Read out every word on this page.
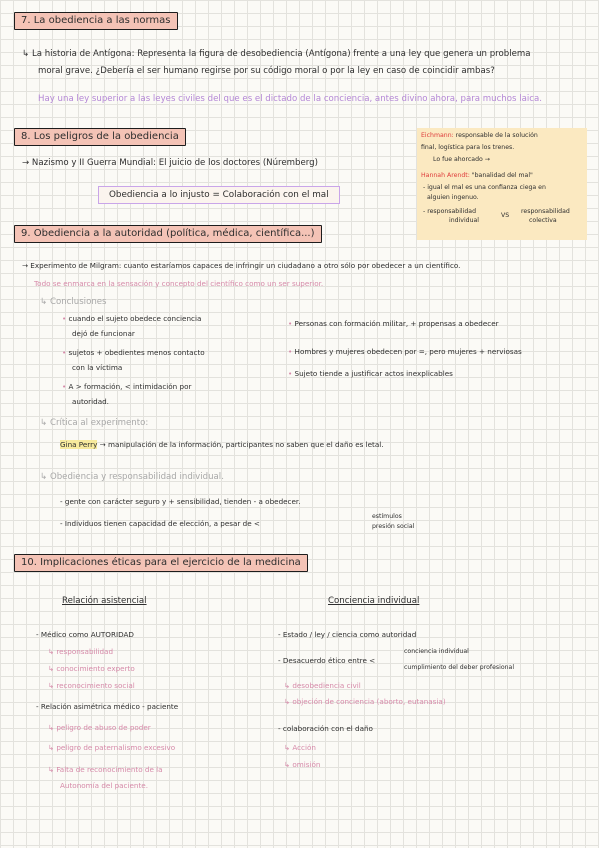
7. La obediencia a las normas
↳ La historia de Antígona: Representa la figura de desobediencia (Antígona) frente a una ley que genera un problema
moral grave. ¿Debería el ser humano regirse por su código moral o por la ley en caso de coincidir ambas?
Hay una ley superior a las leyes civiles del que es el dictado de la conciencia, antes divino ahora, para muchos laica.
8. Los peligros de la obediencia
→ Nazismo y II Guerra Mundial: El juicio de los doctores (Núremberg)
Obediencia a lo injusto = Colaboración con el mal
Eichmann: responsable de la solución
final, logística para los trenes.
Lo fue ahorcado →
Hannah Arendt: "banalidad del mal"
- igual el mal es una confianza ciega en
alguien ingenuo.
- responsabilidad
individual
VS
responsabilidad
colectiva
9. Obediencia a la autoridad (política, médica, científica...)
→ Experimento de Milgram: cuanto estaríamos capaces de infringir un ciudadano a otro sólo por obedecer a un científico.
Todo se enmarca en la sensación y concepto del científico como un ser superior.
↳ Conclusiones
• cuando el sujeto obedece conciencia
dejó de funcionar
• sujetos + obedientes menos contacto
con la víctima
• A > formación, < intimidación por
autoridad.
• Personas con formación militar, + propensas a obedecer
• Hombres y mujeres obedecen por =, pero mujeres + nerviosas
• Sujeto tiende a justificar actos inexplicables
↳ Crítica al experimento:
Gina Perry → manipulación de la información, participantes no saben que el daño es letal.
↳ Obediencia y responsabilidad individual.
- gente con carácter seguro y + sensibilidad, tienden - a obedecer.
- Individuos tienen capacidad de elección, a pesar de <
estímulos
presión social
10. Implicaciones éticas para el ejercicio de la medicina
Relación asistencial	Conciencia individual
- Médico como AUTORIDAD
↳ responsabilidad
↳ conocimiento experto
↳ reconocimiento social
- Relación asimétrica médico - paciente
↳ peligro de abuso de poder
↳ peligro de paternalismo excesivo
↳ Falta de reconocimiento de la
Autonomía del paciente.
- Estado / ley / ciencia como autoridad
- Desacuerdo ético entre <
conciencia individual
cumplimiento del deber profesional
↳ desobediencia civil
↳ objeción de conciencia (aborto, eutanasia)
- colaboración con el daño
↳ Acción
↳ omisión
